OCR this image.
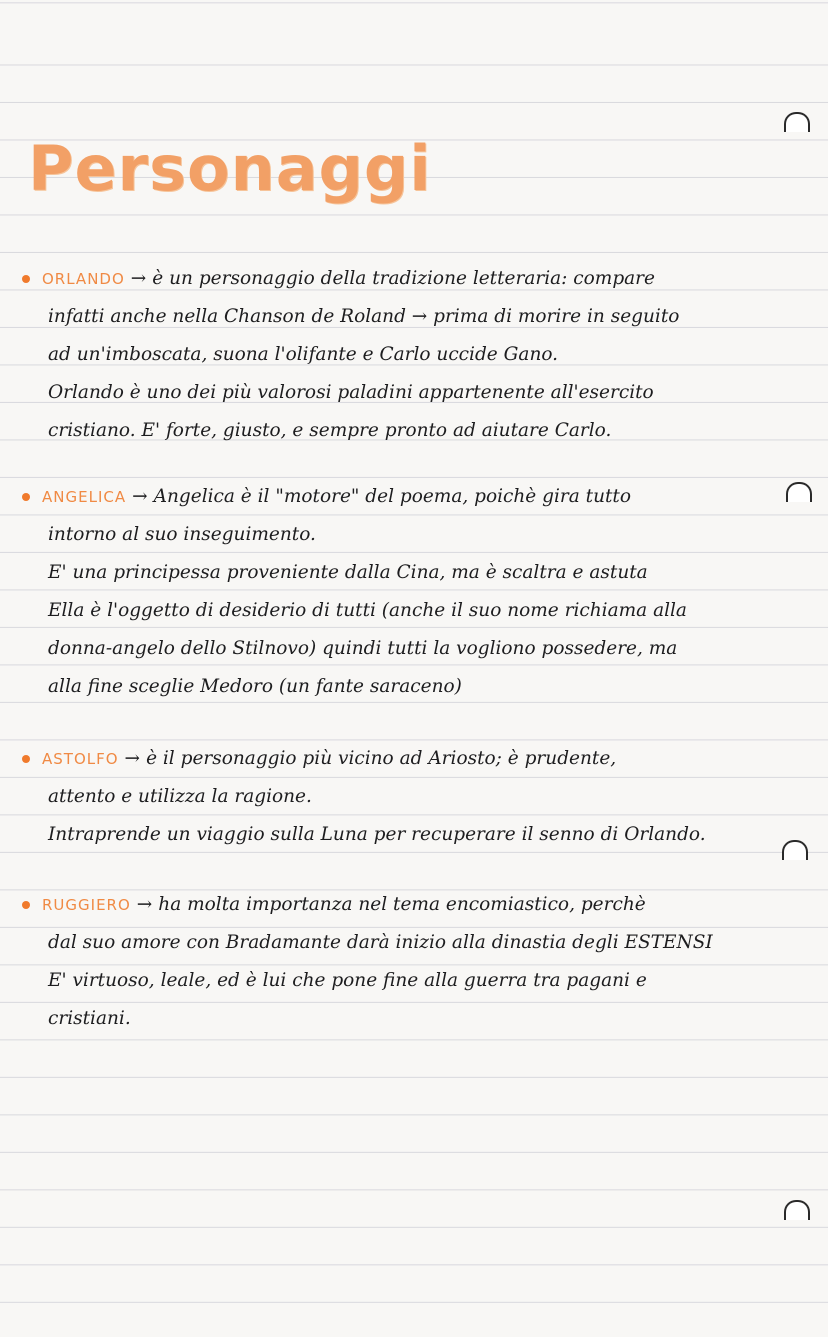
Personaggi
ORLANDO → è un personaggio della tradizione letteraria: compare
infatti anche nella Chanson de Roland → prima di morire in seguito
ad un'imboscata, suona l'olifante e Carlo uccide Gano.
Orlando è uno dei più valorosi paladini appartenente all'esercito
cristiano. E' forte, giusto, e sempre pronto ad aiutare Carlo.
ANGELICA → Angelica è il "motore" del poema, poichè gira tutto
intorno al suo inseguimento.
E' una principessa proveniente dalla Cina, ma è scaltra e astuta
Ella è l'oggetto di desiderio di tutti (anche il suo nome richiama alla
donna-angelo dello Stilnovo) quindi tutti la vogliono possedere, ma
alla fine sceglie Medoro (un fante saraceno)
ASTOLFO → è il personaggio più vicino ad Ariosto; è prudente,
attento e utilizza la ragione.
Intraprende un viaggio sulla Luna per recuperare il senno di Orlando.
RUGGIERO → ha molta importanza nel tema encomiastico, perchè
dal suo amore con Bradamante darà inizio alla dinastia degli ESTENSI
E' virtuoso, leale, ed è lui che pone fine alla guerra tra pagani e
cristiani.
